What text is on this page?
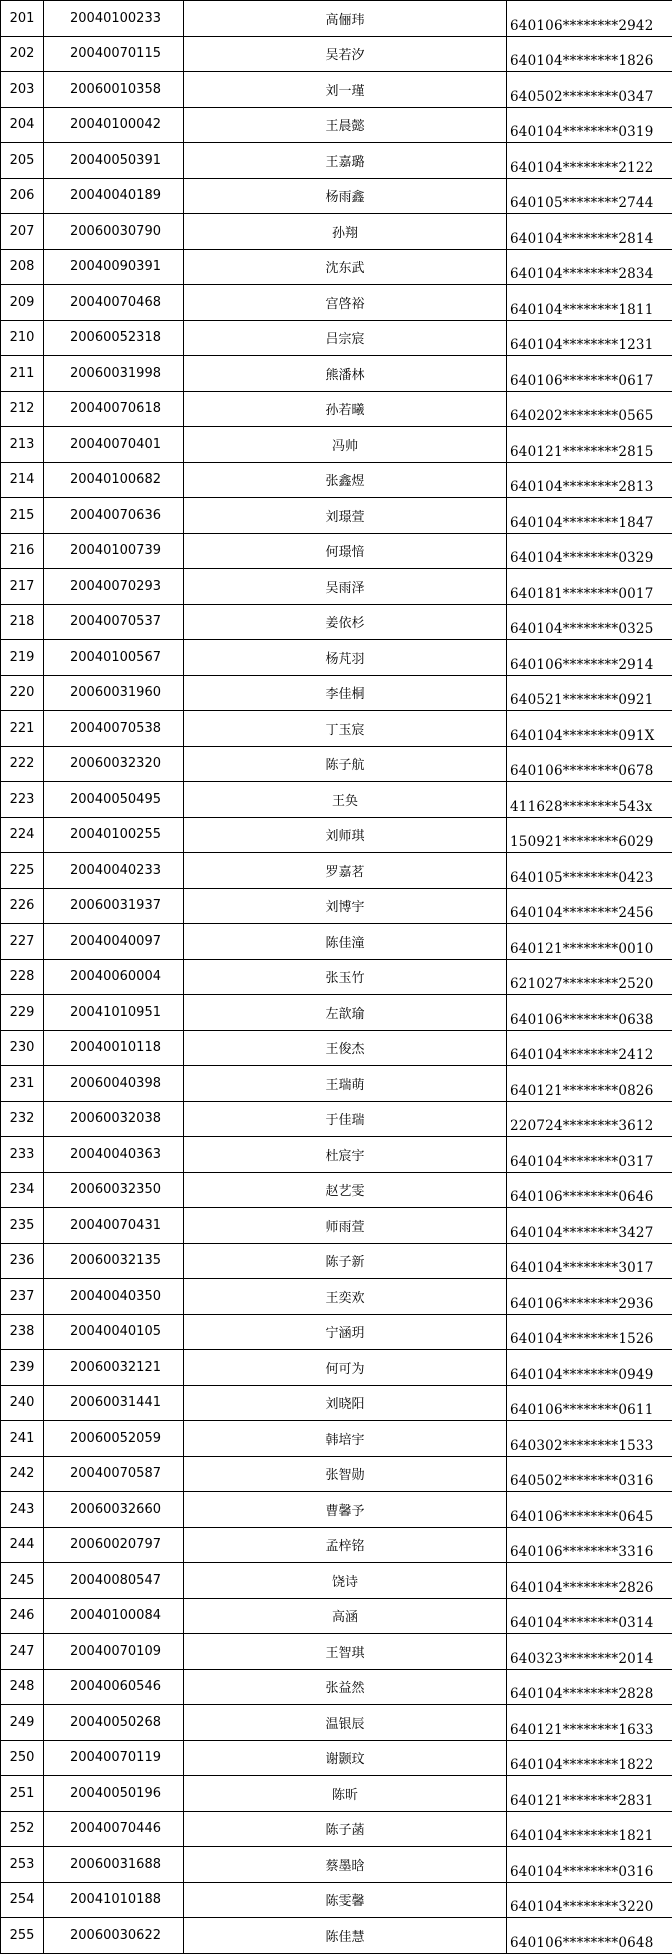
201	20040100233	高俪玮	640106********2942
202	20040070115	吴若汐	640104********1826
203	20060010358	刘一瑾	640502********0347
204	20040100042	王晨懿	640104********0319
205	20040050391	王嘉璐	640104********2122
206	20040040189	杨雨鑫	640105********2744
207	20060030790	孙翔	640104********2814
208	20040090391	沈东武	640104********2834
209	20040070468	宫啓裕	640104********1811
210	20060052318	吕宗宸	640104********1231
211	20060031998	熊潘林	640106********0617
212	20040070618	孙若曦	640202********0565
213	20040070401	冯帅	640121********2815
214	20040100682	张鑫煜	640104********2813
215	20040070636	刘璟萱	640104********1847
216	20040100739	何璟愔	640104********0329
217	20040070293	吴雨泽	640181********0017
218	20040070537	姜依杉	640104********0325
219	20040100567	杨芃羽	640106********2914
220	20060031960	李佳桐	640521********0921
221	20040070538	丁玉宸	640104********091X
222	20060032320	陈子航	640106********0678
223	20040050495	王奂	411628********543x
224	20040100255	刘师琪	150921********6029
225	20040040233	罗嘉茗	640105********0423
226	20060031937	刘博宇	640104********2456
227	20040040097	陈佳潼	640121********0010
228	20040060004	张玉竹	621027********2520
229	20041010951	左歆瑜	640106********0638
230	20040010118	王俊杰	640104********2412
231	20060040398	王瑞萌	640121********0826
232	20060032038	于佳瑞	220724********3612
233	20040040363	杜宸宇	640104********0317
234	20060032350	赵艺雯	640106********0646
235	20040070431	师雨萱	640104********3427
236	20060032135	陈子新	640104********3017
237	20040040350	王奕欢	640106********2936
238	20040040105	宁涵玥	640104********1526
239	20060032121	何可为	640104********0949
240	20060031441	刘晓阳	640106********0611
241	20060052059	韩培宇	640302********1533
242	20040070587	张智勋	640502********0316
243	20060032660	曹馨予	640106********0645
244	20060020797	孟梓铭	640106********3316
245	20040080547	饶诗	640104********2826
246	20040100084	高涵	640104********0314
247	20040070109	王智琪	640323********2014
248	20040060546	张益然	640104********2828
249	20040050268	温银辰	640121********1633
250	20040070119	谢颢玟	640104********1822
251	20040050196	陈昕	640121********2831
252	20040070446	陈子菡	640104********1821
253	20060031688	蔡墨晗	640104********0316
254	20041010188	陈雯馨	640104********3220
255	20060030622	陈佳慧	640106********0648
